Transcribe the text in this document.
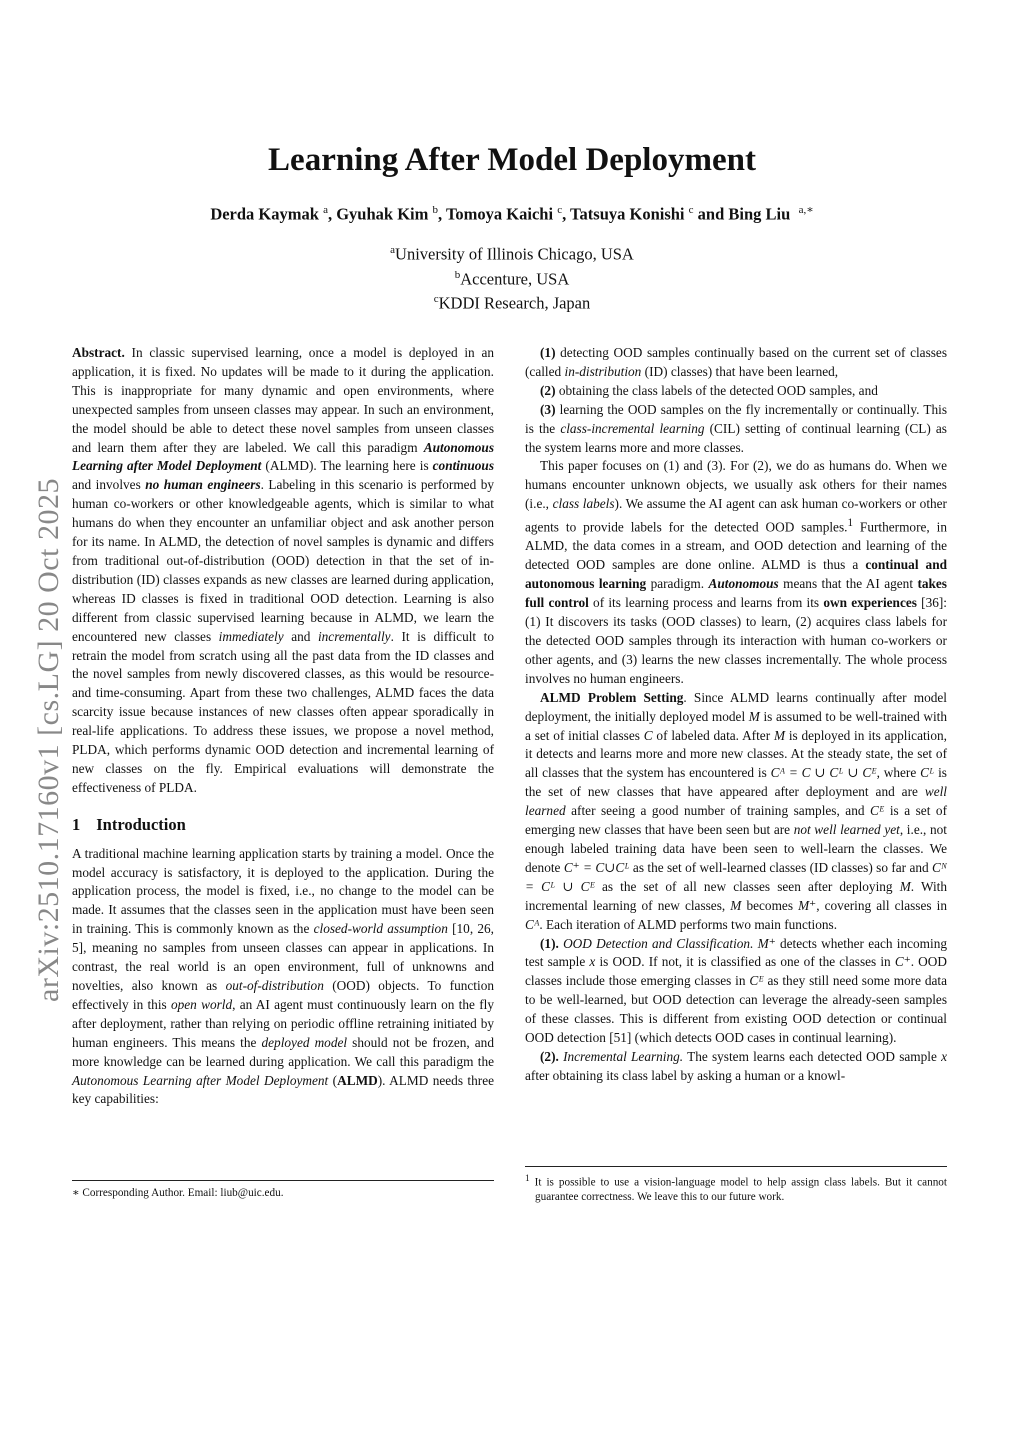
arXiv:2510.17160v1 [cs.LG] 20 Oct 2025
Learning After Model Deployment
Derda Kaymak $^a$, Gyuhak Kim $^b$, Tomoya Kaichi $^c$, Tatsuya Konishi $^c$ and Bing Liu $^{a,∗}$
$^a$University of Illinois Chicago, USA
$^b$Accenture, USA
$^c$KDDI Research, Japan

Abstract. In classic supervised learning, once a model is deployed in an application, it is fixed. No updates will be made to it during the application. This is inappropriate for many dynamic and open environments, where unexpected samples from unseen classes may appear. In such an environment, the model should be able to detect these novel samples from unseen classes and learn them after they are labeled. We call this paradigm Autonomous Learning after Model Deployment (ALMD). The learning here is continuous and involves no human engineers. Labeling in this scenario is performed by human co-workers or other knowledgeable agents, which is similar to what humans do when they encounter an unfamiliar object and ask another person for its name. In ALMD, the detection of novel samples is dynamic and differs from traditional out-of-distribution (OOD) detection in that the set of in-distribution (ID) classes expands as new classes are learned during application, whereas ID classes is fixed in traditional OOD detection. Learning is also different from classic supervised learning because in ALMD, we learn the encountered new classes immediately and incrementally. It is difficult to retrain the model from scratch using all the past data from the ID classes and the novel samples from newly discovered classes, as this would be resource- and time-consuming. Apart from these two challenges, ALMD faces the data scarcity issue because instances of new classes often appear sporadically in real-life applications. To address these issues, we propose a novel method, PLDA, which performs dynamic OOD detection and incremental learning of new classes on the fly. Empirical evaluations will demonstrate the effectiveness of PLDA.

1 Introduction

A traditional machine learning application starts by training a model. Once the model accuracy is satisfactory, it is deployed to the application. During the application process, the model is fixed, i.e., no change to the model can be made. It assumes that the classes seen in the application must have been seen in training. This is commonly known as the closed-world assumption [10, 26, 5], meaning no samples from unseen classes can appear in applications. In contrast, the real world is an open environment, full of unknowns and novelties, also known as out-of-distribution (OOD) objects. To function effectively in this open world, an AI agent must continuously learn on the fly after deployment, rather than relying on periodic offline retraining initiated by human engineers. This means the deployed model should not be frozen, and more knowledge can be learned during application. We call this paradigm the Autonomous Learning after Model Deployment (ALMD). ALMD needs three key capabilities:

∗ Corresponding Author. Email: liub@uic.edu.

(1) detecting OOD samples continually based on the current set of classes (called in-distribution (ID) classes) that have been learned,

(2) obtaining the class labels of the detected OOD samples, and

(3) learning the OOD samples on the fly incrementally or continually. This is the class-incremental learning (CIL) setting of continual learning (CL) as the system learns more and more classes.

This paper focuses on (1) and (3). For (2), we do as humans do. When we humans encounter unknown objects, we usually ask others for their names (i.e., class labels). We assume the AI agent can ask human co-workers or other agents to provide labels for the detected OOD samples.$^1$ Furthermore, in ALMD, the data comes in a stream, and OOD detection and learning of the detected OOD samples are done online. ALMD is thus a continual and autonomous learning paradigm. Autonomous means that the AI agent takes full control of its learning process and learns from its own experiences [36]: (1) It discovers its tasks (OOD classes) to learn, (2) acquires class labels for the detected OOD samples through its interaction with human co-workers or other agents, and (3) learns the new classes incrementally. The whole process involves no human engineers.

ALMD Problem Setting. Since ALMD learns continually after model deployment, the initially deployed model M is assumed to be well-trained with a set of initial classes C of labeled data. After M is deployed in its application, it detects and learns more and more new classes. At the steady state, the set of all classes that the system has encountered is Cᴬ = C ∪ Cᴸ ∪ Cᴱ, where Cᴸ is the set of new classes that have appeared after deployment and are well learned after seeing a good number of training samples, and Cᴱ is a set of emerging new classes that have been seen but are not well learned yet, i.e., not enough labeled training data have been seen to well-learn the classes. We denote C⁺ = C∪Cᴸ as the set of well-learned classes (ID classes) so far and Cᴺ = Cᴸ ∪ Cᴱ as the set of all new classes seen after deploying M. With incremental learning of new classes, M becomes M⁺, covering all classes in Cᴬ. Each iteration of ALMD performs two main functions.

(1). OOD Detection and Classification. M⁺ detects whether each incoming test sample x is OOD. If not, it is classified as one of the classes in C⁺. OOD classes include those emerging classes in Cᴱ as they still need some more data to be well-learned, but OOD detection can leverage the already-seen samples of these classes. This is different from existing OOD detection or continual OOD detection [51] (which detects OOD cases in continual learning).

(2). Incremental Learning. The system learns each detected OOD sample x after obtaining its class label by asking a human or a knowl-

$^1$ It is possible to use a vision-language model to help assign class labels. But it cannot guarantee correctness. We leave this to our future work.
